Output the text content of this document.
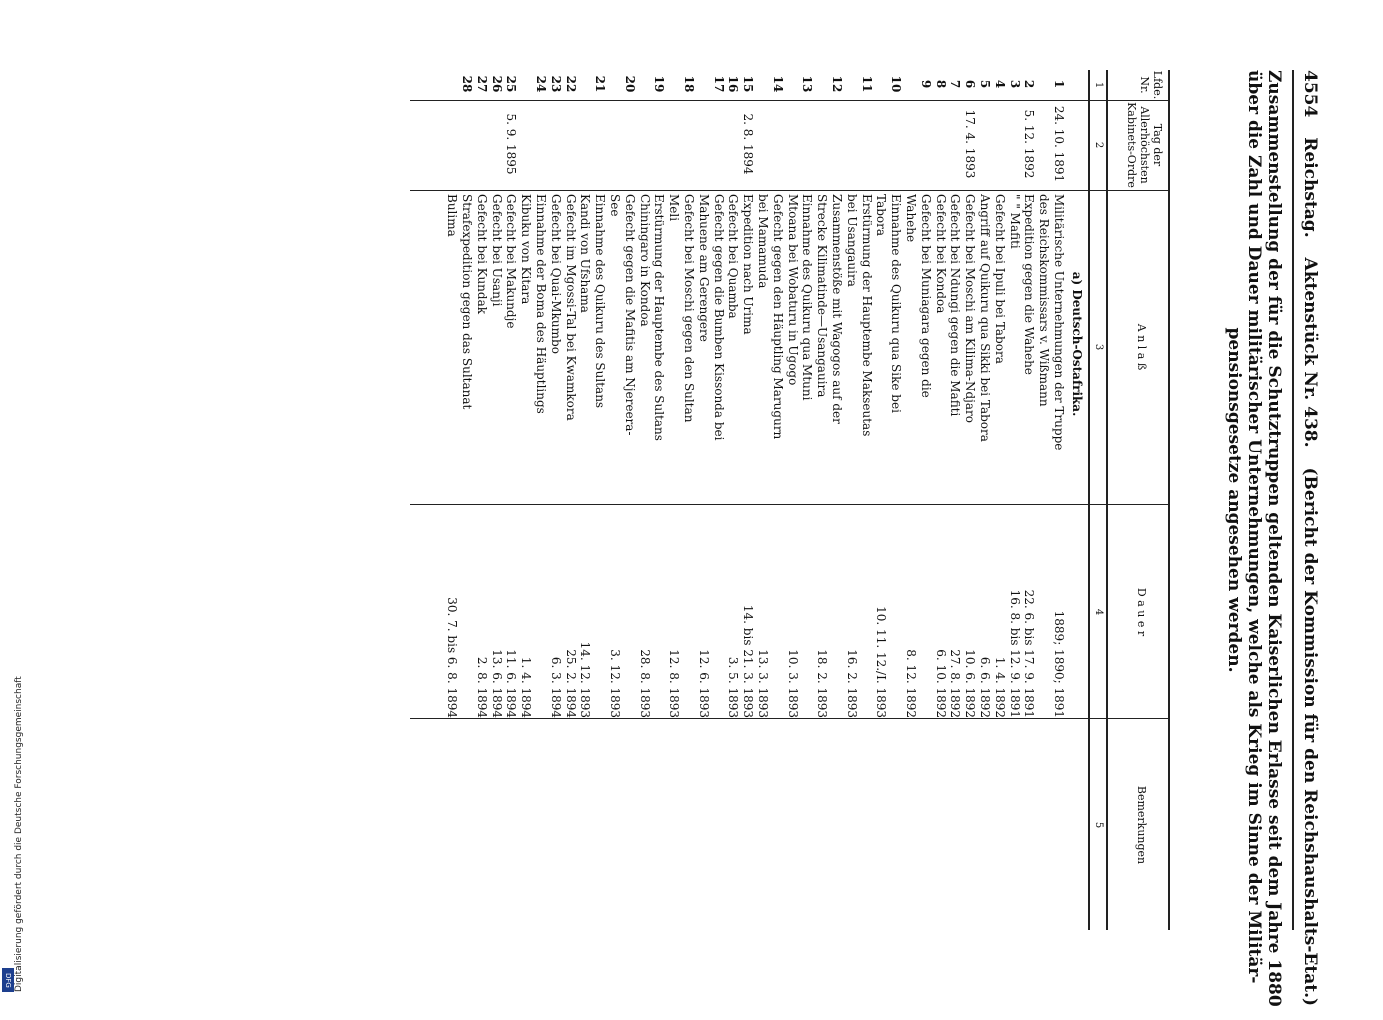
4554 Reichstag. Aktenstück Nr. 438. (Bericht der Kommission für den Reichshaushalts-Etat.)
Zusammenstellung der für die Schutztruppen geltenden Kaiserlichen Erlasse seit dem Jahre 1880
über die Zahl und Dauer militärischer Unternehmungen, welche als Krieg im Sinne der Militär-
pensionsgesetze angesehen werden.
Lfde. Nr.
Tag der Allerhöchsten Kabinets-Ordre
A n l a ß
D a u e r
Bemerkungen
1
2
3
4
5
a) Deutsch-Ostafrika.
1
24. 10. 1891
Militärische Unternehmungen der Truppe
1889; 1890; 1891
des Reichskommissars v. Wißmann
2
5. 12. 1892
Expedition gegen die Wahehe
22. 6. bis 17. 9. 1891
3
" " Mafiti
16. 8. bis 12. 9. 1891
4
Gefecht bei Ipuli bei Tabora
1. 4. 1892
5
Angriff auf Quikuru qua Sikki bei Tabora
6. 6. 1892
6
17. 4. 1893
Gefecht bei Moschi am Kilima-Ndjaro
10. 6. 1892
7
Gefecht bei Ndungi gegen die Mafiti
27. 8. 1892
8
Gefecht bei Kondoa
6. 10. 1892
9
Gefecht bei Muniagara gegen die
Wahehe
8. 12. 1892
10
Einnahme des Quikuru qua Sike bei
Tabora
10. 11. 12./I. 1893
11
Erstürmung der Hauptembe Makseutas
bei Usangauira
16. 2. 1893
12
Zusammenstöße mit Wagogos auf der
Strecke Kilimatinde—Usangauira
18. 2. 1893
13
Einnahme des Quikuru qua Mtuni
Mtoana bei Wobaturu in Ugogo
10. 3. 1893
14
Gefecht gegen den Häuptling Marugurn
bei Mamamuda
13. 3. 1893
15
2. 8. 1894
Expedition nach Urima
14. bis 21. 3. 1893
16
Gefecht bei Quamba
3. 5. 1893
17
Gefecht gegen die Bumben Kissonda bei
Mahuene am Gerengere
12. 6. 1893
18
Gefecht bei Moschi gegen den Sultan
Meli
12. 8. 1893
19
Erstürmung der Hauptembe des Sultans
Chiningaro in Kondoa
28. 8. 1893
20
Gefecht gegen die Mafitis am Njereera-
See
3. 12. 1893
21
Einnahme des Quikuru des Sultans
Kandi von Ufshama
14. 12. 1893
22
Gefecht im Mgossi-Tal bei Kwamkora
25. 2. 1894
23
Gefecht bei Quai-Mkumbo
6. 3. 1894
24
Einnahme der Boma des Häuptlings
Kibuku von Kitara
1. 4. 1894
25
5. 9. 1895
Gefecht bei Makundje
11. 6. 1894
26
Gefecht bei Usanji
13. 6. 1894
27
Gefecht bei Kundak
2. 8. 1894
28
Strafexpedition gegen das Sultanat
Bulima
30. 7. bis 6. 8. 1894
Digitalisierung gefördert durch die Deutsche Forschungsgemeinschaft
DFG
